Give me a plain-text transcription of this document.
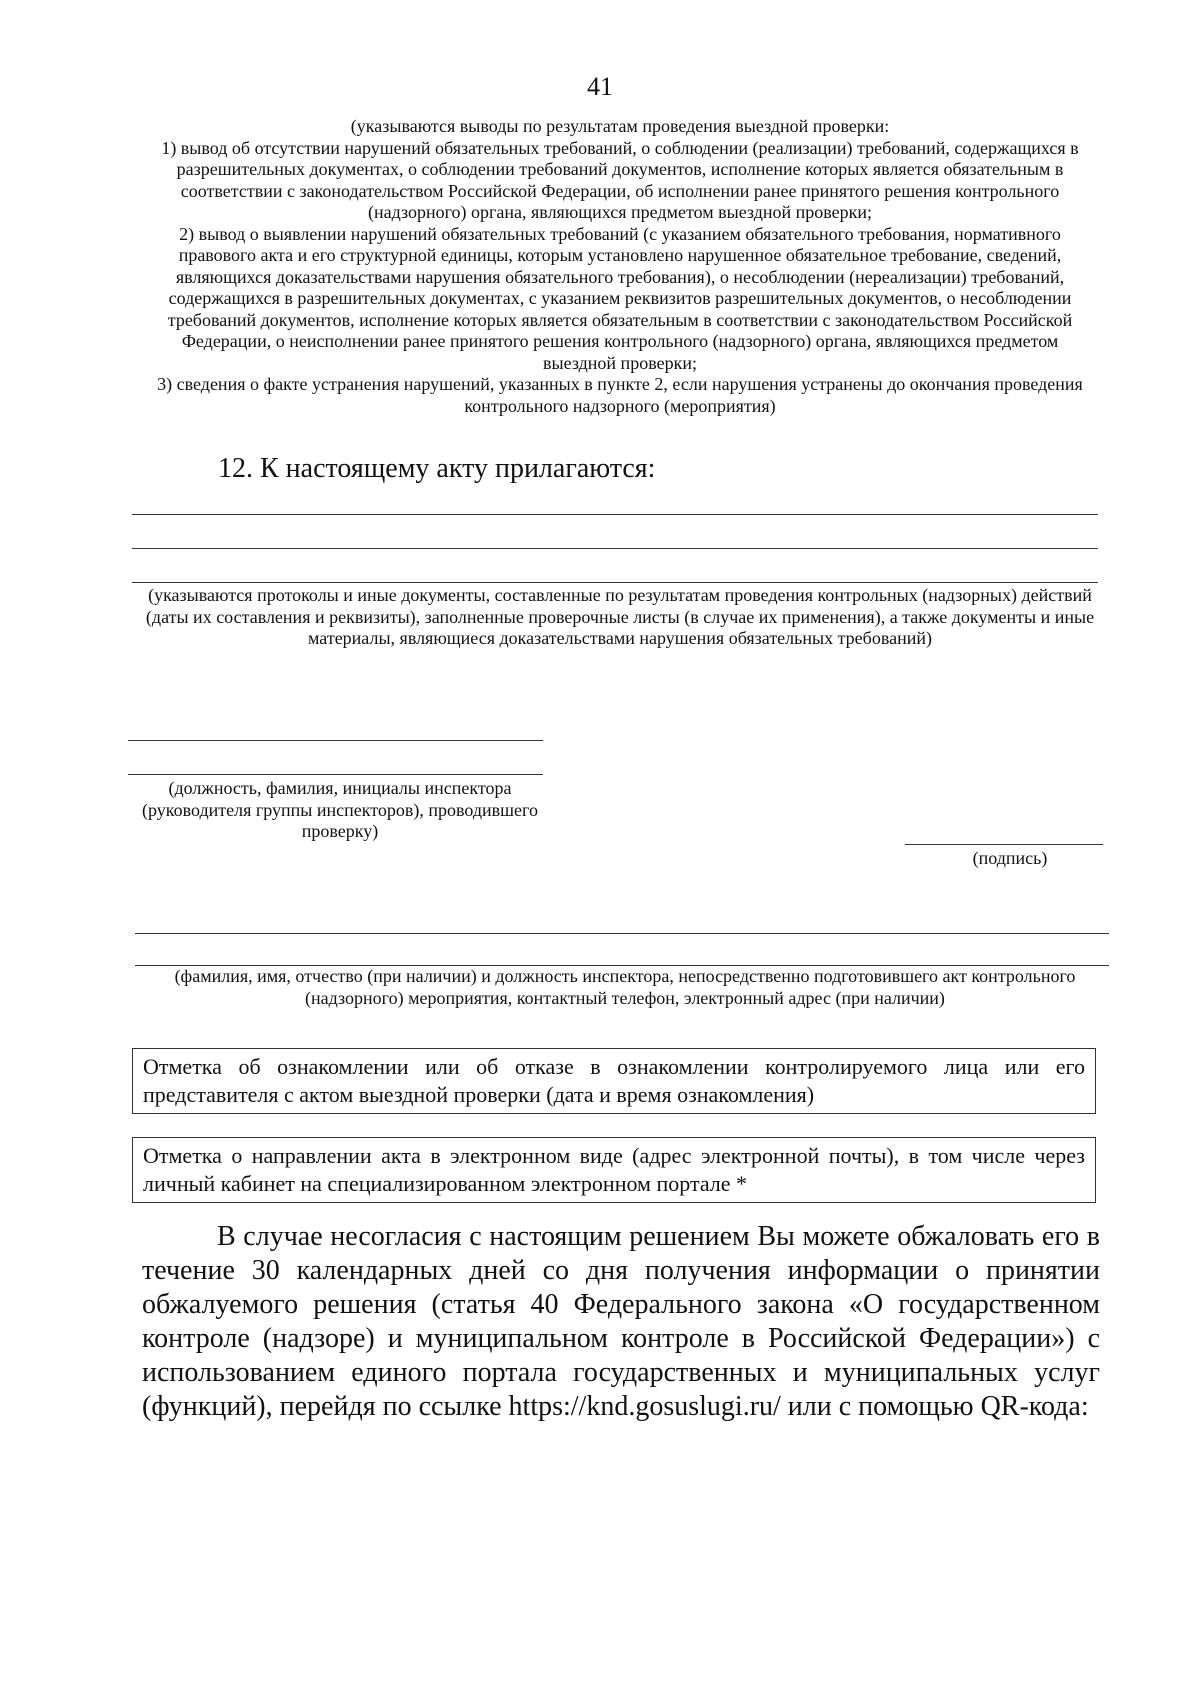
41

(указываются выводы по результатам проведения выездной проверки:

1) вывод об отсутствии нарушений обязательных требований, о соблюдении (реализации) требований, содержащихся в разрешительных документах, о соблюдении требований документов, исполнение которых является обязательным в соответствии с законодательством Российской Федерации, об исполнении ранее принятого решения контрольного (надзорного) органа, являющихся предметом выездной проверки;

2) вывод о выявлении нарушений обязательных требований (с указанием обязательного требования, нормативного правового акта и его структурной единицы, которым установлено нарушенное обязательное требование, сведений, являющихся доказательствами нарушения обязательного требования), о несоблюдении (нереализации) требований, содержащихся в разрешительных документах, с указанием реквизитов разрешительных документов, о несоблюдении требований документов, исполнение которых является обязательным в соответствии с законодательством Российской Федерации, о неисполнении ранее принятого решения контрольного (надзорного) органа, являющихся предметом выездной проверки;

3) сведения о факте устранения нарушений, указанных в пункте 2, если нарушения устранены до окончания проведения контрольного надзорного (мероприятия)

12. К настоящему акту прилагаются:
(указываются протоколы и иные документы, составленные по результатам проведения контрольных (надзорных) действий (даты их составления и реквизиты), заполненные проверочные листы (в случае их применения), а также документы и иные материалы, являющиеся доказательствами нарушения обязательных требований)
(должность, фамилия, инициалы инспектора (руководителя группы инспекторов), проводившего проверку)
(подпись)
(фамилия, имя, отчество (при наличии) и должность инспектора, непосредственно подготовившего акт контрольного (надзорного) мероприятия, контактный телефон, электронный адрес (при наличии)
Отметка об ознакомлении или об отказе в ознакомлении контролируемого лица или его представителя с актом выездной проверки (дата и время ознакомления)
Отметка о направлении акта в электронном виде (адрес электронной почты), в том числе через личный кабинет на специализированном электронном портале *
В случае несогласия с настоящим решением Вы можете обжаловать его в течение 30 календарных дней со дня получения информации о принятии обжалуемого решения (статья 40 Федерального закона «О государственном контроле (надзоре) и муниципальном контроле в Российской Федерации») с использованием единого портала государственных и муниципальных услуг (функций), перейдя по ссылке https://knd.gosuslugi.ru/ или с помощью QR-кода:
